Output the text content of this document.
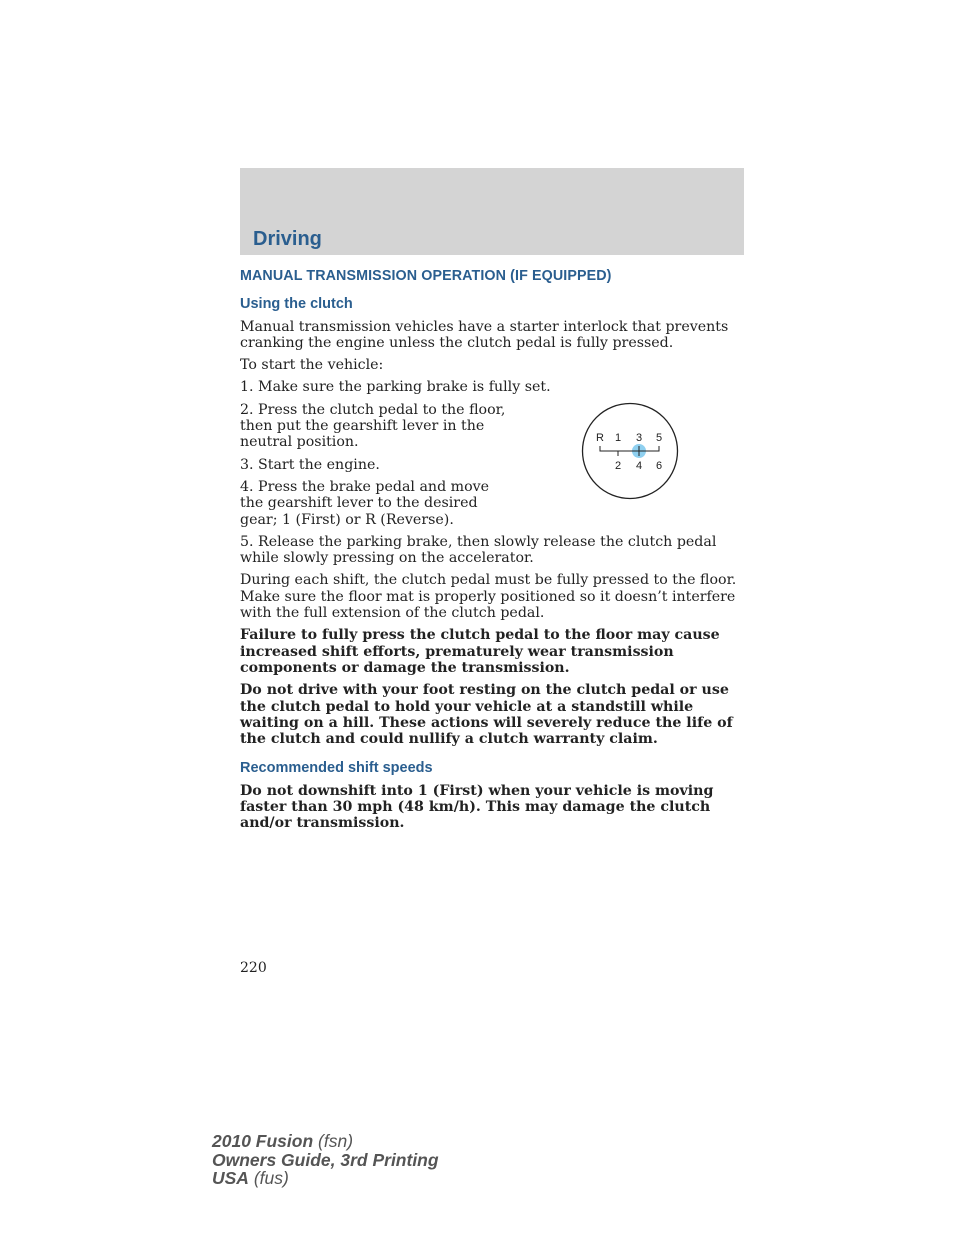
Driving
MANUAL TRANSMISSION OPERATION (IF EQUIPPED)
Using the clutch

Manual transmission vehicles have a starter interlock that prevents cranking the engine unless the clutch pedal is fully pressed.

To start the vehicle:

1. Make sure the parking brake is fully set.

2. Press the clutch pedal to the floor, then put the gearshift lever in the neutral position.

3. Start the engine.

4. Press the brake pedal and move the gearshift lever to the desired gear; 1 (First) or R (Reverse).

R 1 3 5
2 4 6

5. Release the parking brake, then slowly release the clutch pedal while slowly pressing on the accelerator.

During each shift, the clutch pedal must be fully pressed to the floor. Make sure the floor mat is properly positioned so it doesn’t interfere with the full extension of the clutch pedal.

Failure to fully press the clutch pedal to the floor may cause increased shift efforts, prematurely wear transmission components or damage the transmission.

Do not drive with your foot resting on the clutch pedal or use the clutch pedal to hold your vehicle at a standstill while waiting on a hill. These actions will severely reduce the life of the clutch and could nullify a clutch warranty claim.

Recommended shift speeds

Do not downshift into 1 (First) when your vehicle is moving faster than 30 mph (48 km/h). This may damage the clutch and/or transmission.

220
2010 Fusion (fsn)
Owners Guide, 3rd Printing
USA (fus)
